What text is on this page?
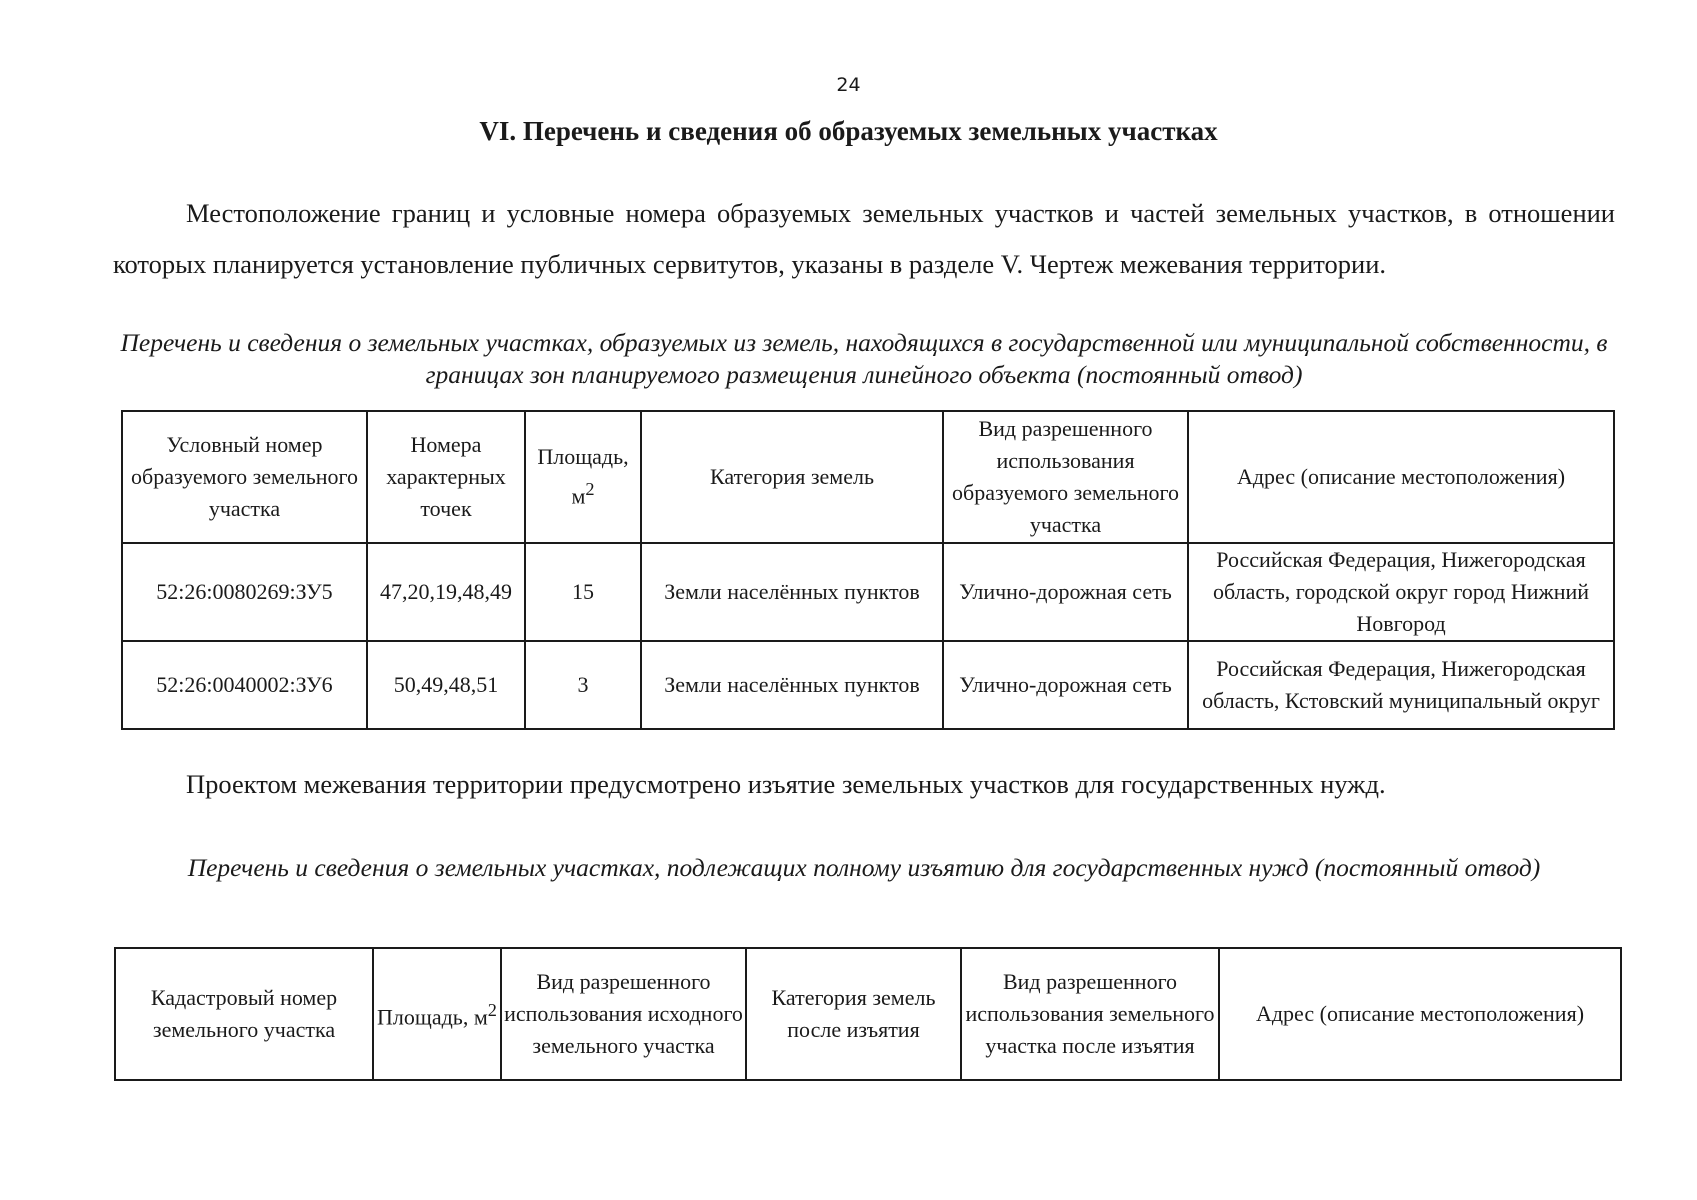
24
VI. Перечень и сведения об образуемых земельных участках
Местоположение границ и условные номера образуемых земельных участков и частей земельных участков, в отношении которых планируется установление публичных сервитутов, указаны в разделе V. Чертеж межевания территории.
Перечень и сведения о земельных участках, образуемых из земель, находящихся в государственной или муниципальной собственности, в границах зон планируемого размещения линейного объекта (постоянный отвод)
Условный номер образуемого земельного участка	Номера характерных точек	Площадь, $м^2$	Категория земель	Вид разрешенного использования образуемого земельного участка	Адрес (описание местоположения)
52:26:0080269:ЗУ5	47,20,19,48,49	15	Земли населённых пунктов	Улично-дорожная сеть	Российская Федерация, Нижегородская область, городской округ город Нижний Новгород
52:26:0040002:ЗУ6	50,49,48,51	3	Земли населённых пунктов	Улично-дорожная сеть	Российская Федерация, Нижегородская область, Кстовский муниципальный округ
Проектом межевания территории предусмотрено изъятие земельных участков для государственных нужд.
Перечень и сведения о земельных участках, подлежащих полному изъятию для государственных нужд (постоянный отвод)
Кадастровый номер земельного участка	Площадь, $м^2$	Вид разрешенного использования исходного земельного участка	Категория земель после изъятия	Вид разрешенного использования земельного участка после изъятия	Адрес (описание местоположения)
